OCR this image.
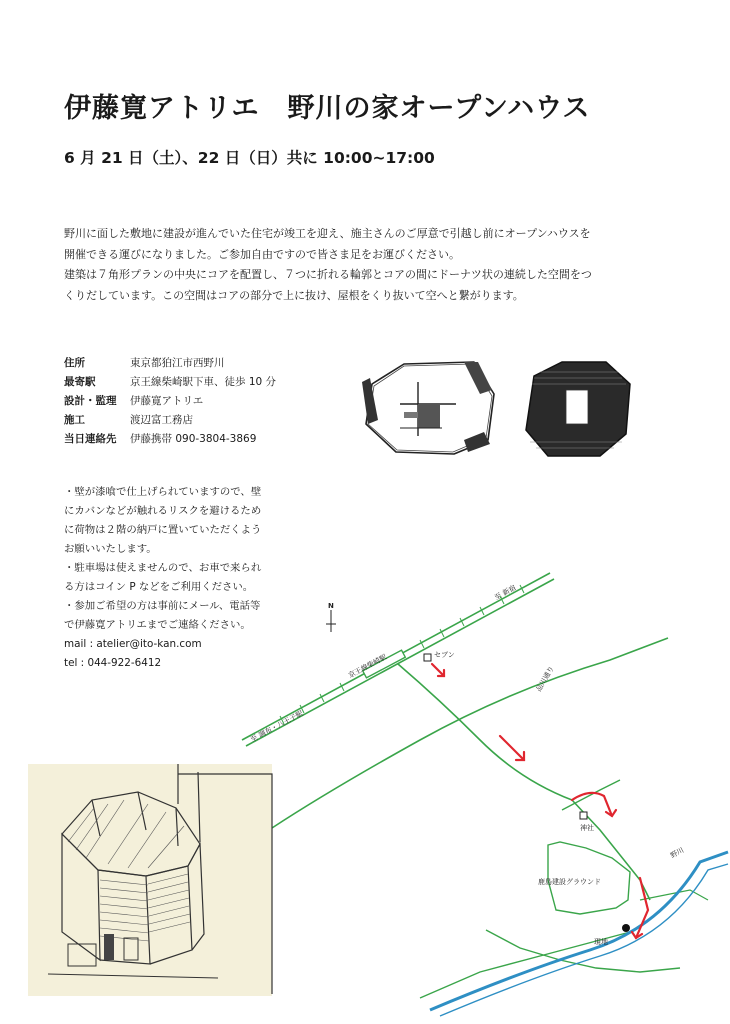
伊藤寛アトリエ　野川の家オープンハウス
6 月 21 日（土）、22 日（日）共に 10:00~17:00

野川に面した敷地に建設が進んでいた住宅が竣工を迎え、施主さんのご厚意で引越し前にオープンハウスを

開催できる運びになりました。ご参加自由ですので皆さま足をお運びください。

建築は７角形プランの中央にコアを配置し、７つに折れる輪郭とコアの間にドーナツ状の連続した空間をつ

くりだしています。この空間はコアの部分で上に抜け、屋根をくり抜いて空へと繋がります。

住所	東京都狛江市西野川
最寄駅	京王線柴崎駅下車、徒歩 10 分
設計・監理	伊藤寛アトリエ
施工	渡辺富工務店
当日連絡先	伊藤携帯 090-3804-3869

・壁が漆喰で仕上げられていますので、壁

にカバンなどが触れるリスクを避けるため

に荷物は２階の納戸に置いていただくよう

お願いいたします。

・駐車場は使えませんので、お車で来られ

る方はコイン P などをご利用ください。

・参加ご希望の方は事前にメール、電話等

で伊藤寛アトリエまでご連絡ください。

mail : atelier@ito-kan.com

tel : 044-922-6412

N
京王線柴崎駅
至 新宿
至 調布・八王子駅
セブン
品川通り
野川
神社
鹿島建設グラウンド
現地
